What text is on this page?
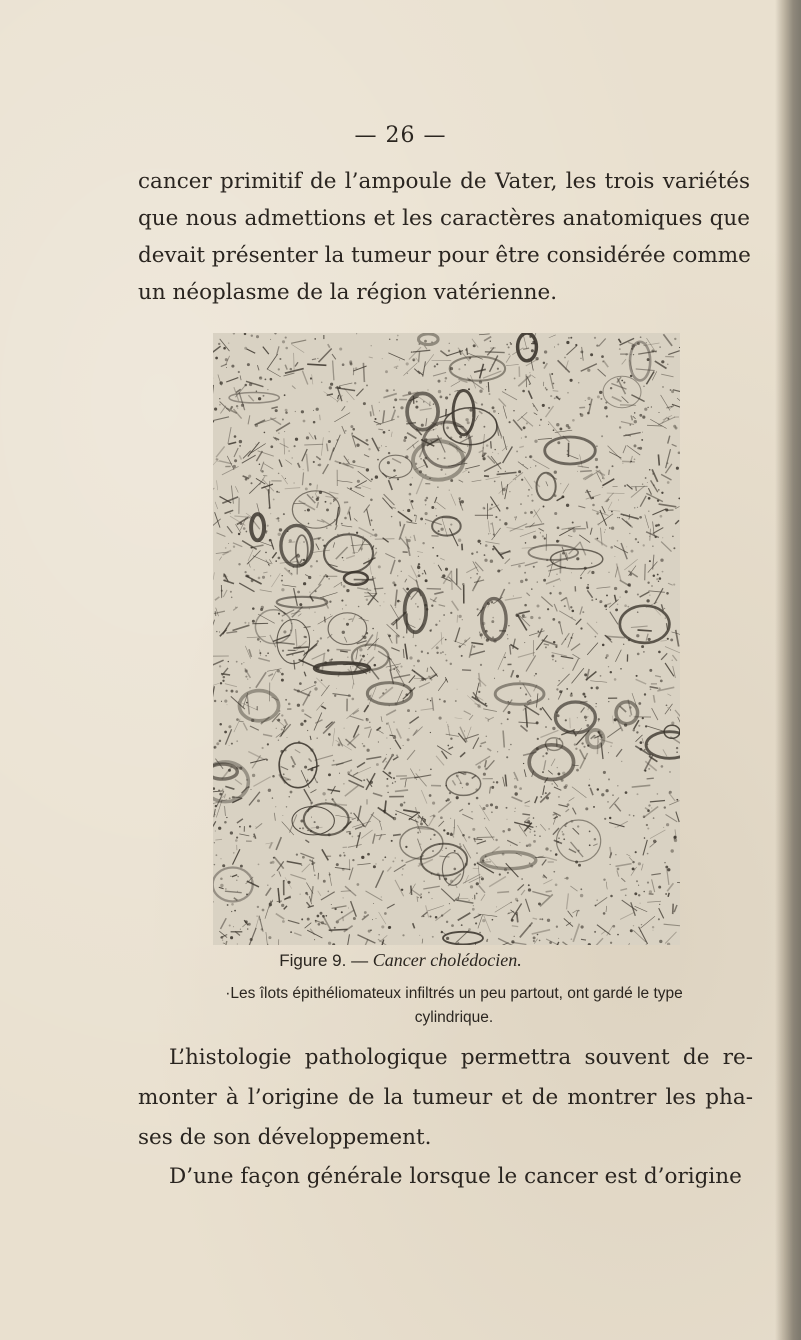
— 26 —
cancer primitif de l’ampoule de Vater, les trois variétés
que nous admettions et les caractères anatomiques que
devait présenter la tumeur pour être considérée comme
un néoplasme de la région vatérienne.
Figure 9. — Cancer cholédocien.
·Les îlots épithéliomateux infiltrés un peu partout, ont gardé le type
cylindrique.
L’histologie pathologique permettra souvent de re-
monter à l’origine de la tumeur et de montrer les pha-
ses de son développement.
D’une façon générale lorsque le cancer est d’origine
